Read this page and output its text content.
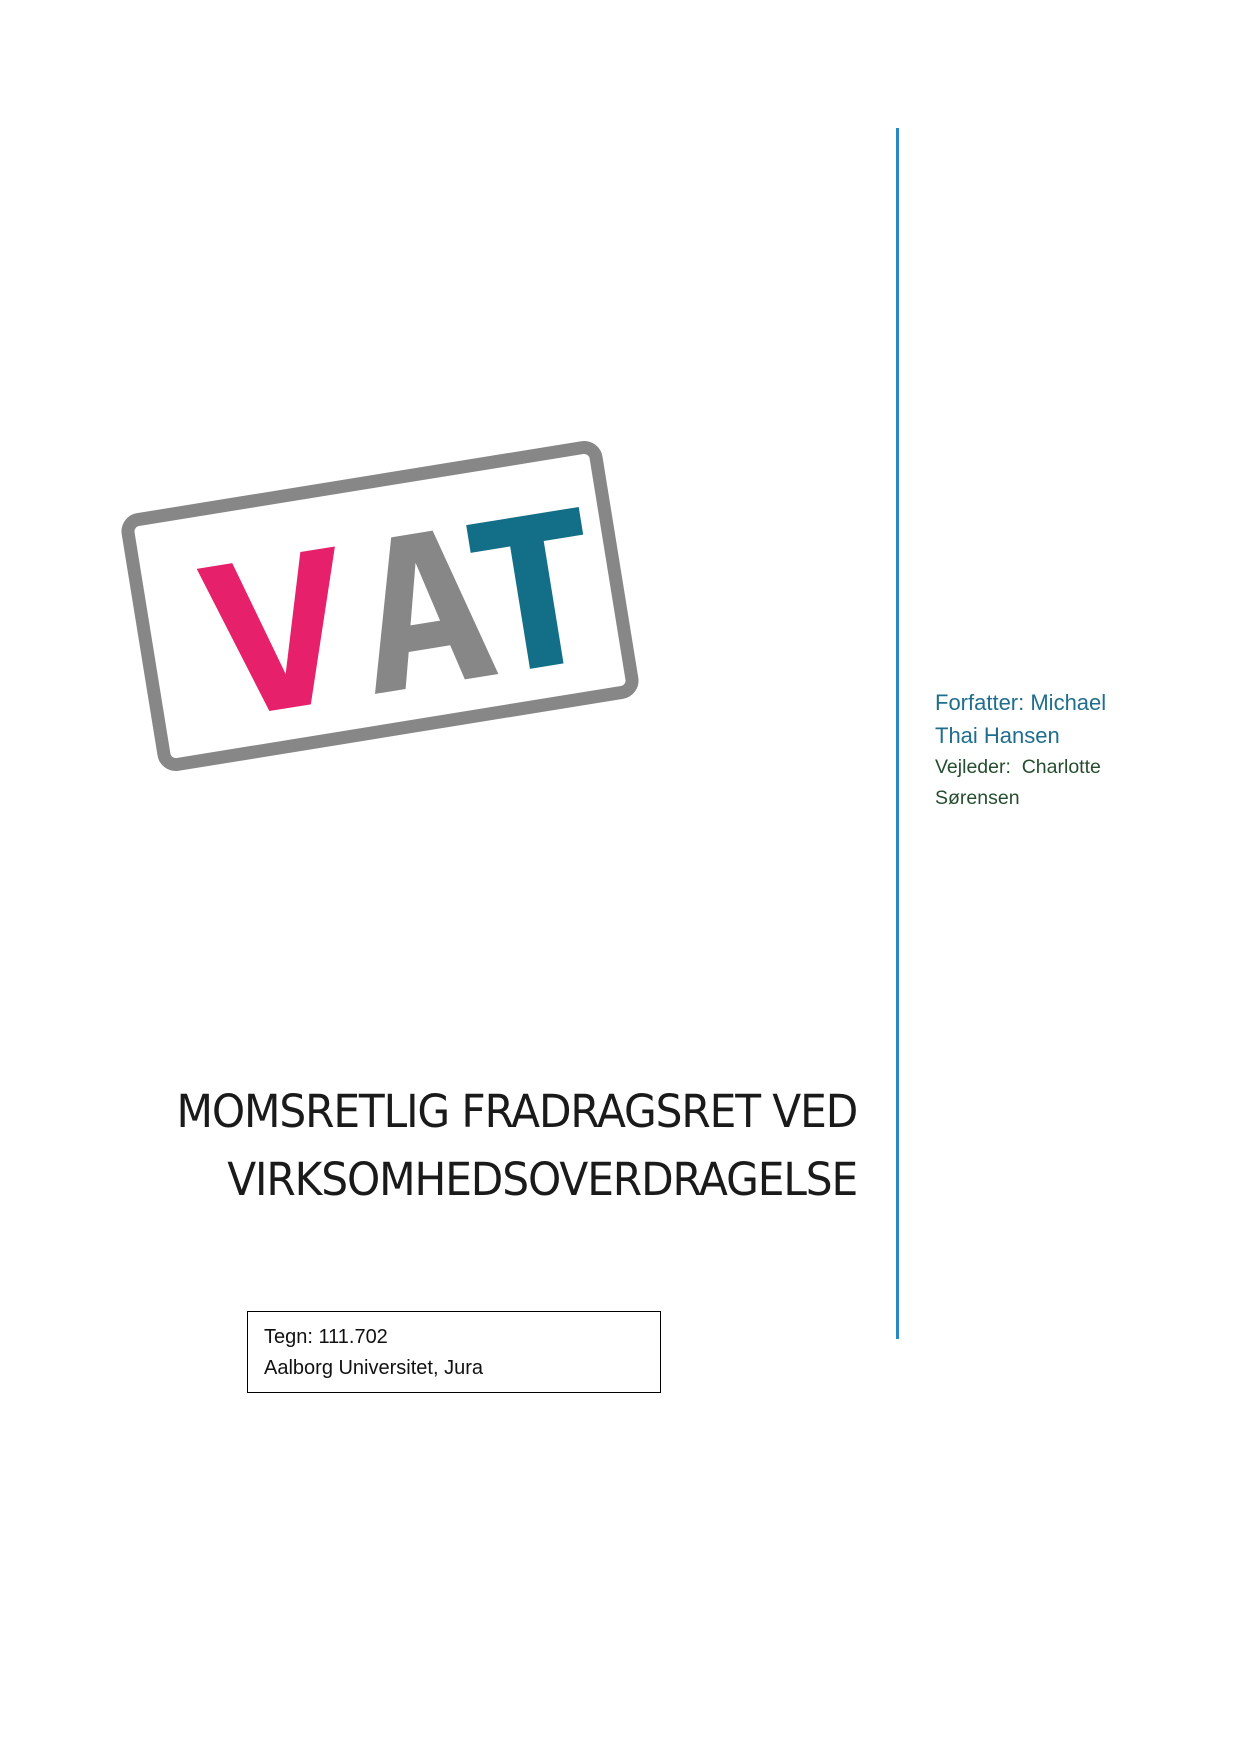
Forfatter: Michael
Thai Hansen
Vejleder:  Charlotte
Sørensen
MOMSRETLIG FRADRAGSRET VED
VIRKSOMHEDSOVERDRAGELSE
Tegn: 111.702
Aalborg Universitet, Jura
